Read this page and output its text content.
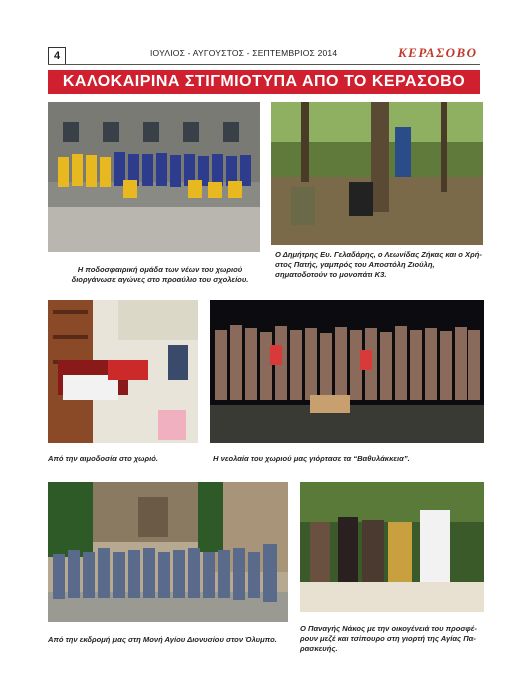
4	ΙΟΥΛΙΟΣ - ΑΥΓΟΥΣΤΟΣ - ΣΕΠΤΕΜΒΡΙΟΣ 2014	ΚΕΡΑΣΟΒΟ
ΚΑΛΟΚΑΙΡΙΝΑ ΣΤΙΓΜΙΟΤΥΠΑ ΑΠΟ ΤΟ ΚΕΡΑΣΟΒΟ
Η ποδοσφαιρική ομάδα των νέων του χωριού διοργάνωσε αγώνες στο προαύλιο του σχολείου.
Ο Δημήτρης Ευ. Γελαδάρης, ο Λεωνίδας Ζήκας και ο Χρή-στος Πατής, γαμπρός του Αποστόλη Ζιούλη, σηματοδοτούν το μονοπάτι Κ3.
Από την αιμοδοσία στο χωριό.	Η νεολαία του χωριού μας γιόρτασε τα “Βαθυλάκκεια”.
Από την εκδρομή μας στη Μονή Αγίου Διονυσίου στον Όλυμπο.
Ο Παναγής Νάκος με την οικογένειά του προσφέ-ρουν μεζέ και τσίπουρο στη γιορτή της Αγίας Πα-ρασκευής.
